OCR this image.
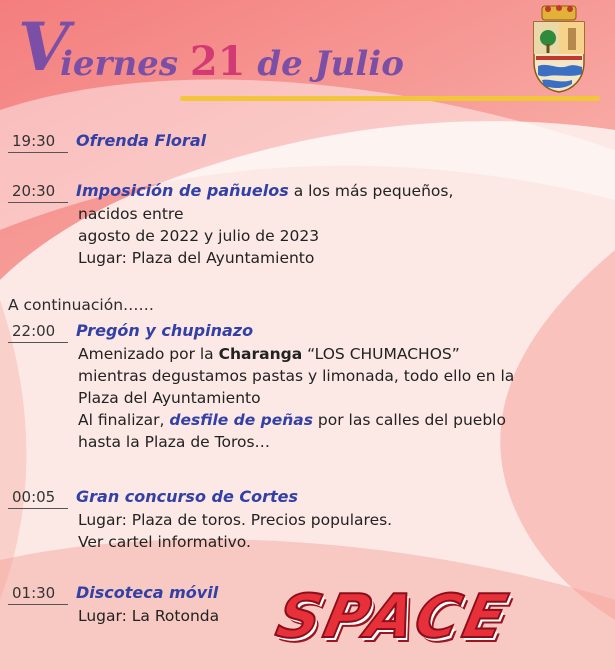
V
iernes 21 de Julio
19:30 Ofrenda Floral
20:30 Imposición de pañuelos a los más pequeños,
nacidos entre
agosto de 2022 y julio de 2023
Lugar: Plaza del Ayuntamiento
A continuación……
22:00 Pregón y chupinazo
Amenizado por la Charanga “LOS CHUMACHOS”
mientras degustamos pastas y limonada, todo ello en la
Plaza del Ayuntamiento
Al finalizar, desfile de peñas por las calles del pueblo
hasta la Plaza de Toros…
00:05 Gran concurso de Cortes
Lugar: Plaza de toros. Precios populares.
Ver cartel informativo.
01:30 Discoteca móvil
Lugar: La Rotonda SPACE
